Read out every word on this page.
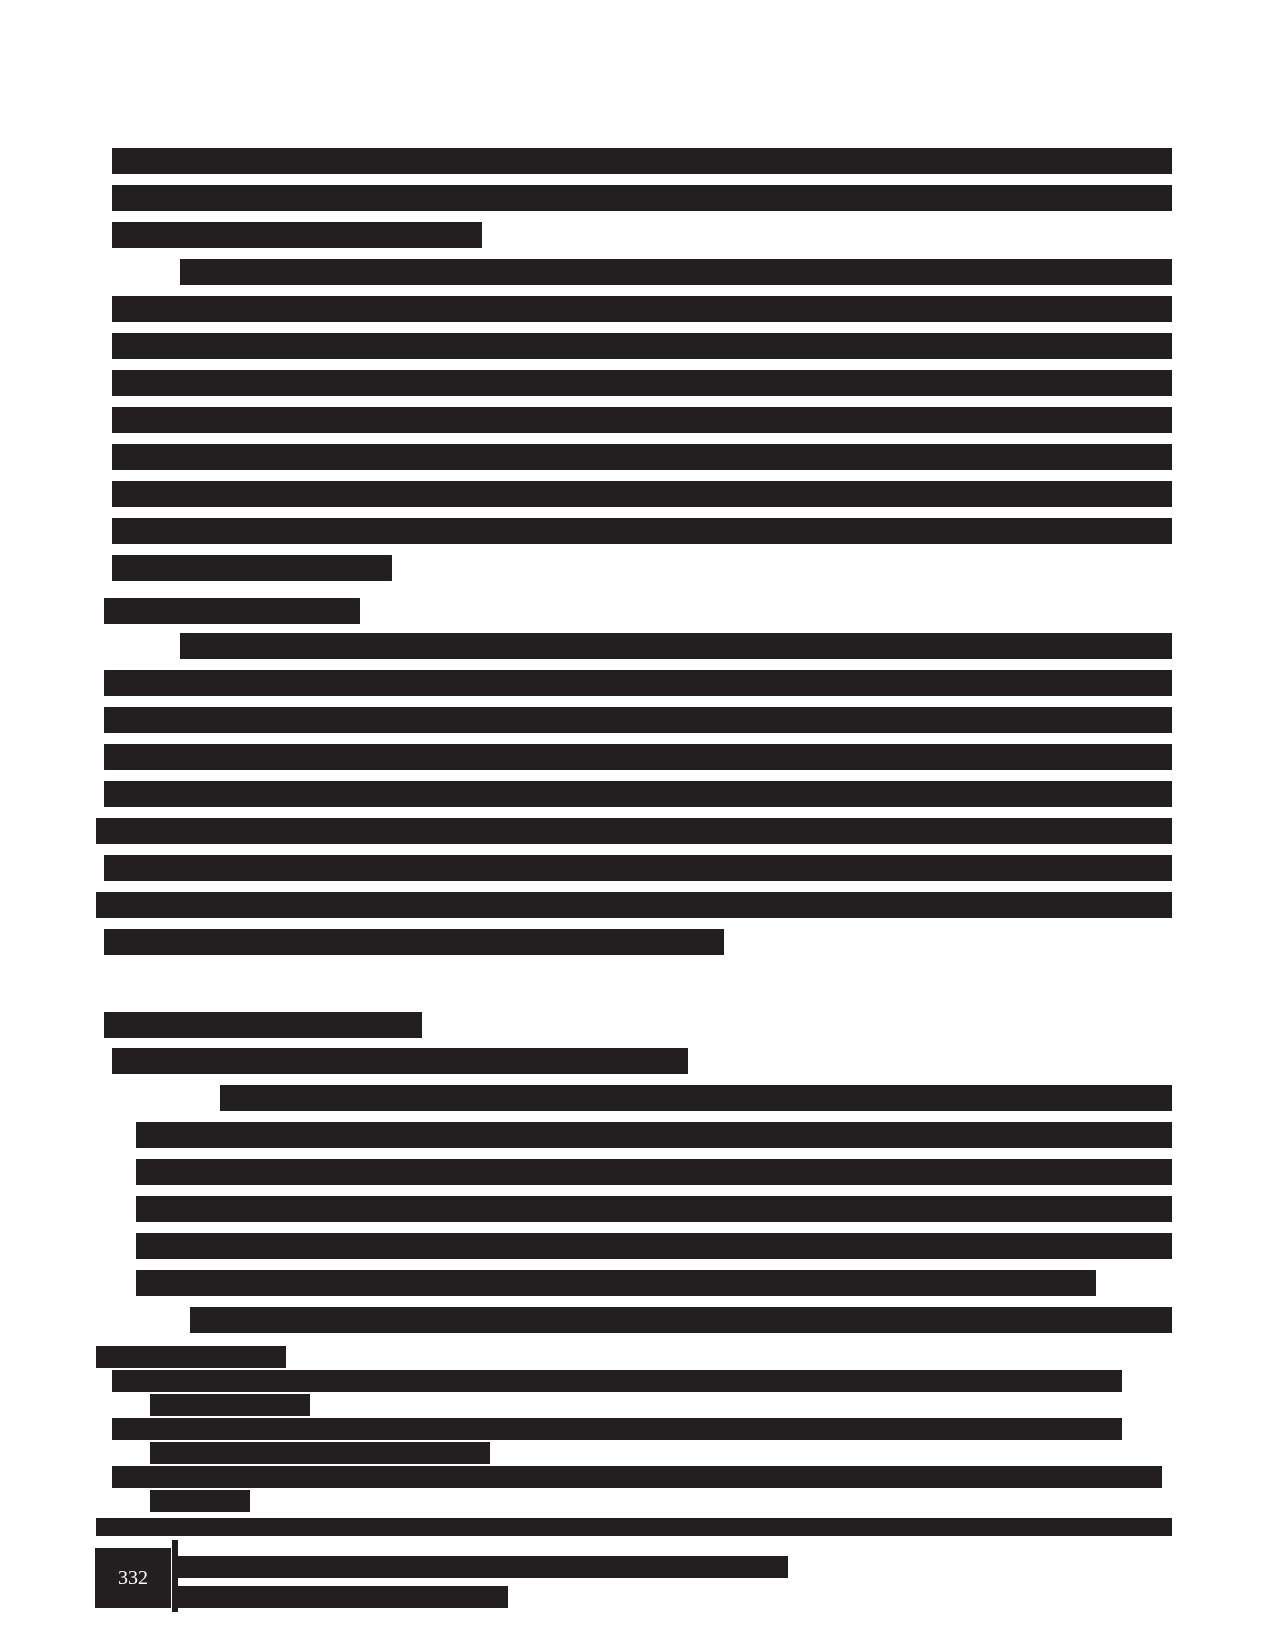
332
